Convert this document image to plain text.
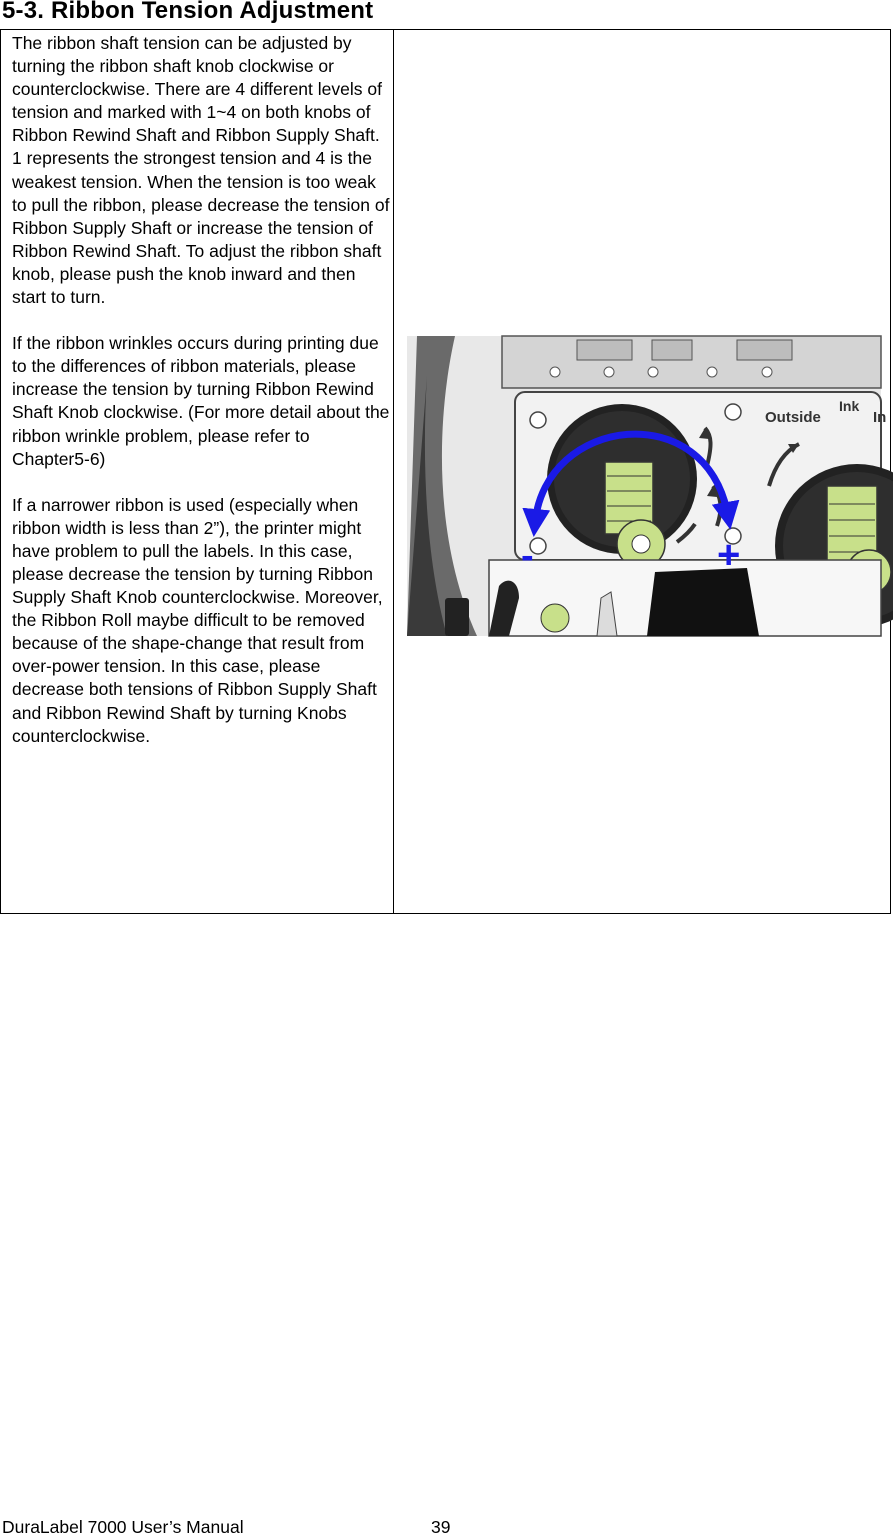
5-3. Ribbon Tension Adjustment

The ribbon shaft tension can be adjusted by turning the ribbon shaft knob clockwise or counterclockwise. There are 4 different levels of tension and marked with 1~4 on both knobs of Ribbon Rewind Shaft and Ribbon Supply Shaft. 1 represents the strongest tension and 4 is the weakest tension. When the tension is too weak to pull the ribbon, please decrease the tension of Ribbon Supply Shaft or increase the tension of Ribbon Rewind Shaft. To adjust the ribbon shaft knob, please push the knob inward and then start to turn.

If the ribbon wrinkles occurs during printing due to the differences of ribbon materials, please increase the tension by turning Ribbon Rewind Shaft Knob clockwise. (For more detail about the ribbon wrinkle problem, please refer to Chapter5-6)

If a narrower ribbon is used (especially when ribbon width is less than 2”), the printer might have problem to pull the labels. In this case, please decrease the tension by turning Ribbon Supply Shaft Knob counterclockwise. Moreover, the Ribbon Roll maybe difficult to be removed because of the shape-change that result from over-power tension. In this case, please decrease both tensions of Ribbon Supply Shaft and Ribbon Rewind Shaft by turning Knobs counterclockwise.

Outside
Ink
In
-	+
DuraLabel 7000 User’s Manual	39
